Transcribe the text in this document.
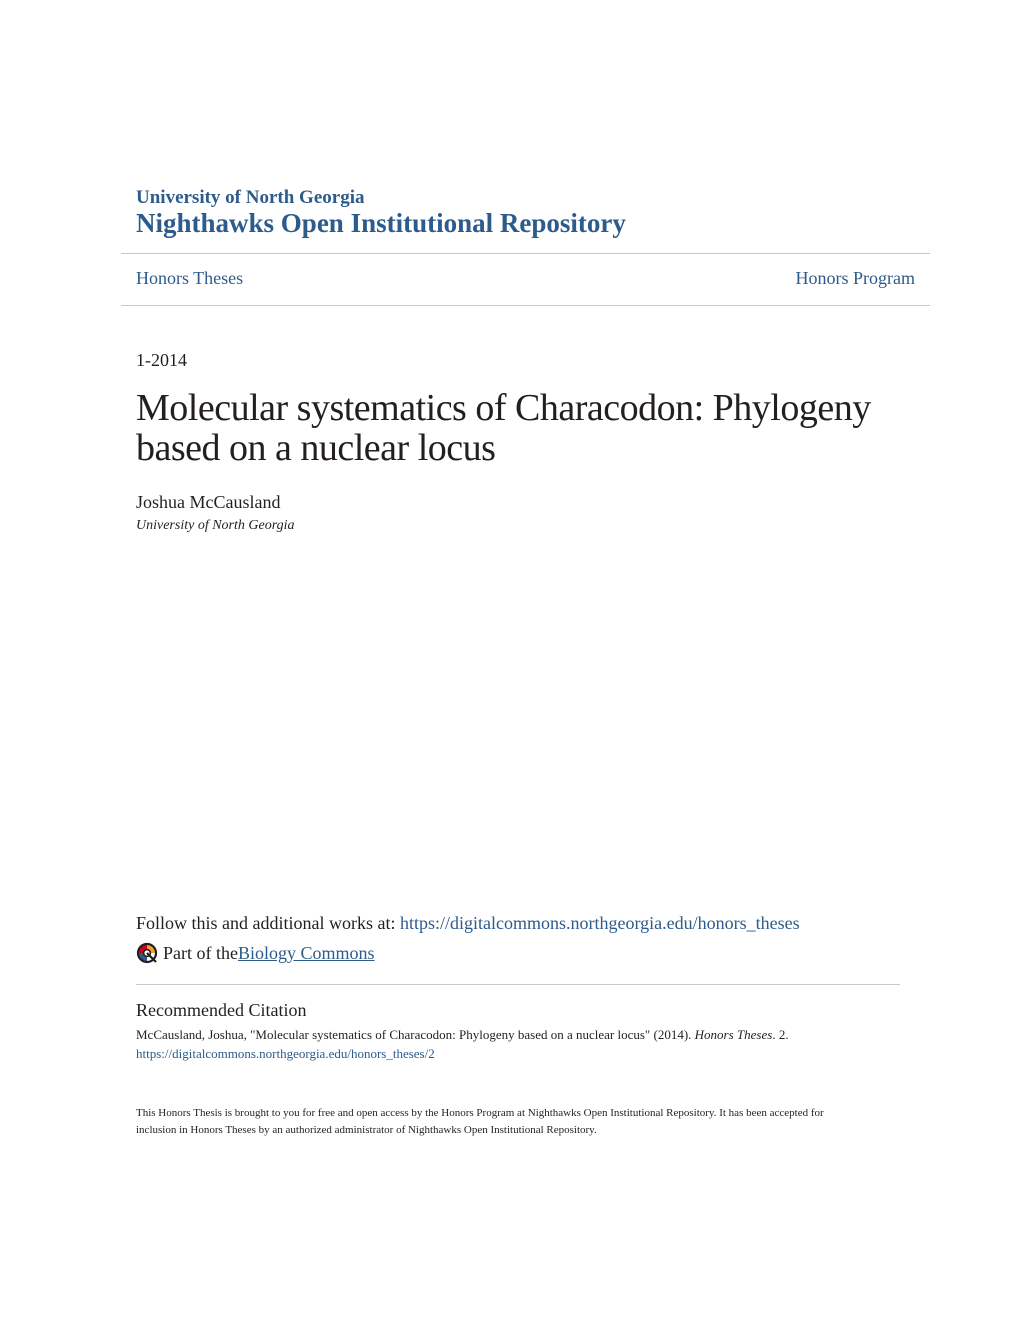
University of North Georgia
Nighthawks Open Institutional Repository
Honors Theses	Honors Program
1-2014
Molecular systematics of Characodon: Phylogeny based on a nuclear locus
Joshua McCausland
University of North Georgia
Follow this and additional works at: https://digitalcommons.northgeorgia.edu/honors_theses
Part of the Biology Commons
Recommended Citation
McCausland, Joshua, "Molecular systematics of Characodon: Phylogeny based on a nuclear locus" (2014). Honors Theses. 2.
https://digitalcommons.northgeorgia.edu/honors_theses/2
This Honors Thesis is brought to you for free and open access by the Honors Program at Nighthawks Open Institutional Repository. It has been accepted for inclusion in Honors Theses by an authorized administrator of Nighthawks Open Institutional Repository.
